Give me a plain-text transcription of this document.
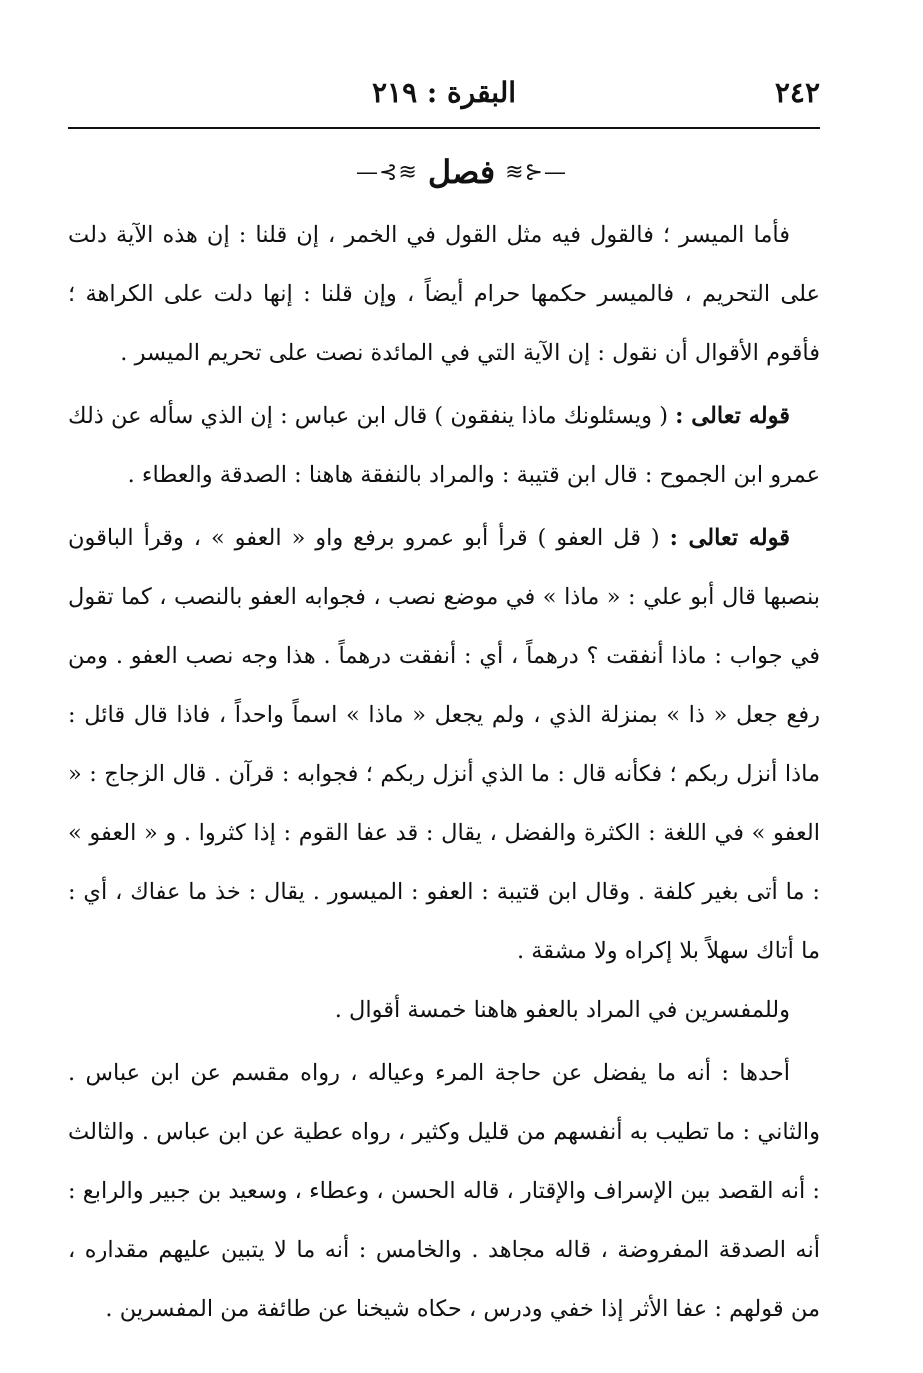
٢٤٢
البقرة : ٢١٩
—⊰≋
فصل
≋⊱—

فأما الميسر ؛ فالقول فيه مثل القول في الخمر ، إن قلنا : إن هذه الآية دلت على التحريم ، فالميسر حكمها حرام أيضاً ، وإن قلنا : إنها دلت على الكراهة ؛ فأقوم الأقوال أن نقول : إن الآية التي في المائدة نصت على تحريم الميسر .

قوله تعالى : ( ويسئلونك ماذا ينفقون ) قال ابن عباس : إن الذي سأله عن ذلك عمرو ابن الجموح : قال ابن قتيبة : والمراد بالنفقة هاهنا : الصدقة والعطاء .

قوله تعالى : ( قل العفو ) قرأ أبو عمرو برفع واو « العفو » ، وقرأ الباقون بنصبها قال أبو علي : « ماذا » في موضع نصب ، فجوابه العفو بالنصب ، كما تقول في جواب : ماذا أنفقت ؟ درهماً ، أي : أنفقت درهماً . هذا وجه نصب العفو . ومن رفع جعل « ذا » بمنزلة الذي ، ولم يجعل « ماذا » اسماً واحداً ، فاذا قال قائل : ماذا أنزل ربكم ؛ فكأنه قال : ما الذي أنزل ربكم ؛ فجوابه : قرآن . قال الزجاج : « العفو » في اللغة : الكثرة والفضل ، يقال : قد عفا القوم : إذا كثروا . و « العفو » : ما أتى بغير كلفة . وقال ابن قتيبة : العفو : الميسور . يقال : خذ ما عفاك ، أي : ما أتاك سهلاً بلا إكراه ولا مشقة .

وللمفسرين في المراد بالعفو هاهنا خمسة أقوال .

أحدها : أنه ما يفضل عن حاجة المرء وعياله ، رواه مقسم عن ابن عباس . والثاني : ما تطيب به أنفسهم من قليل وكثير ، رواه عطية عن ابن عباس . والثالث : أنه القصد بين الإسراف والإقتار ، قاله الحسن ، وعطاء ، وسعيد بن جبير والرابع : أنه الصدقة المفروضة ، قاله مجاهد . والخامس : أنه ما لا يتبين عليهم مقداره ، من قولهم : عفا الأثر إذا خفي ودرس ، حكاه شيخنا عن طائفة من المفسرين .
